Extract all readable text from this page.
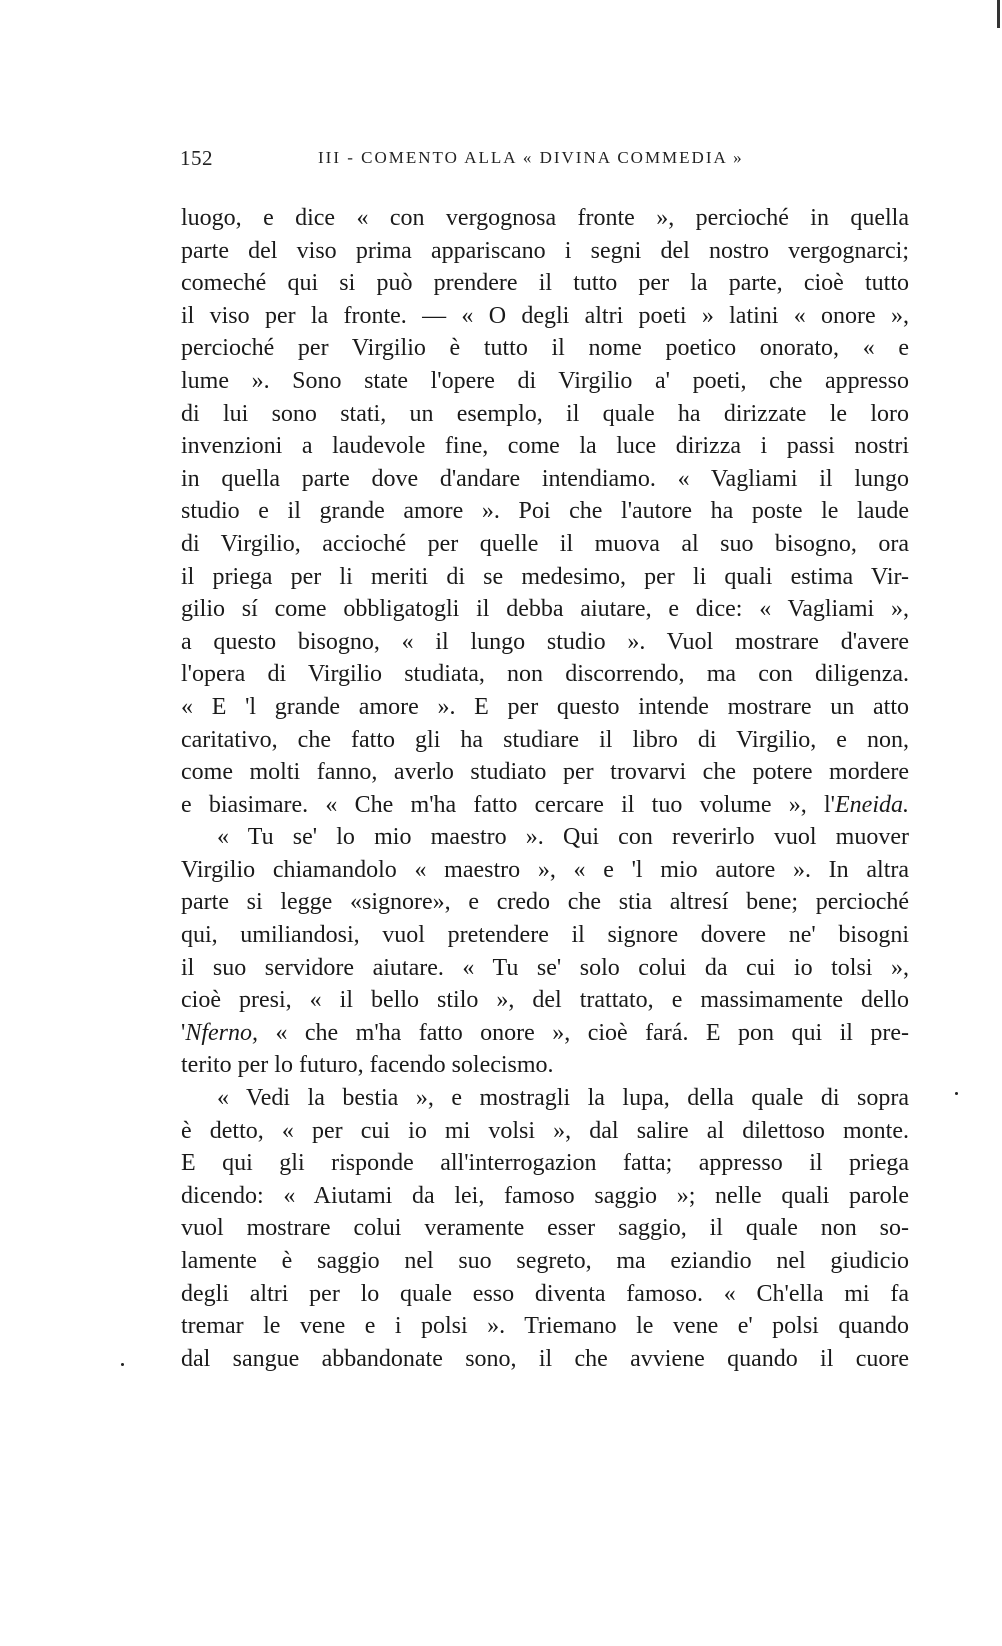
152	III - COMENTO ALLA « DIVINA COMMEDIA »
luogo, e dice « con vergognosa fronte », percioché in quella
parte del viso prima appariscano i segni del nostro vergognarci;
comeché qui si può prendere il tutto per la parte, cioè tutto
il viso per la fronte. — « O degli altri poeti » latini « onore »,
percioché per Virgilio è tutto il nome poetico onorato, « e
lume ». Sono state l'opere di Virgilio a' poeti, che appresso
di lui sono stati, un esemplo, il quale ha dirizzate le loro
invenzioni a laudevole fine, come la luce dirizza i passi nostri
in quella parte dove d'andare intendiamo. « Vagliami il lungo
studio e il grande amore ». Poi che l'autore ha poste le laude
di Virgilio, accioché per quelle il muova al suo bisogno, ora
il priega per li meriti di se medesimo, per li quali estima Vir-
gilio sí come obbligatogli il debba aiutare, e dice: « Vagliami »,
a questo bisogno, « il lungo studio ». Vuol mostrare d'avere
l'opera di Virgilio studiata, non discorrendo, ma con diligenza.
« E 'l grande amore ». E per questo intende mostrare un atto
caritativo, che fatto gli ha studiare il libro di Virgilio, e non,
come molti fanno, averlo studiato per trovarvi che potere mordere
e biasimare. « Che m'ha fatto cercare il tuo volume », l'Eneida.
« Tu se' lo mio maestro ». Qui con reverirlo vuol muover
Virgilio chiamandolo « maestro », « e 'l mio autore ». In altra
parte si legge «signore», e credo che stia altresí bene; percioché
qui, umiliandosi, vuol pretendere il signore dovere ne' bisogni
il suo servidore aiutare. « Tu se' solo colui da cui io tolsi »,
cioè presi, « il bello stilo », del trattato, e massimamente dello
'Nferno, « che m'ha fatto onore », cioè fará. E pon qui il pre-
terito per lo futuro, facendo solecismo.
« Vedi la bestia », e mostragli la lupa, della quale di sopra
è detto, « per cui io mi volsi », dal salire al dilettoso monte.
E qui gli risponde all'interrogazion fatta; appresso il priega
dicendo: « Aiutami da lei, famoso saggio »; nelle quali parole
vuol mostrare colui veramente esser saggio, il quale non so-
lamente è saggio nel suo segreto, ma eziandio nel giudicio
degli altri per lo quale esso diventa famoso. « Ch'ella mi fa
tremar le vene e i polsi ». Triemano le vene e' polsi quando
dal sangue abbandonate sono, il che avviene quando il cuore
